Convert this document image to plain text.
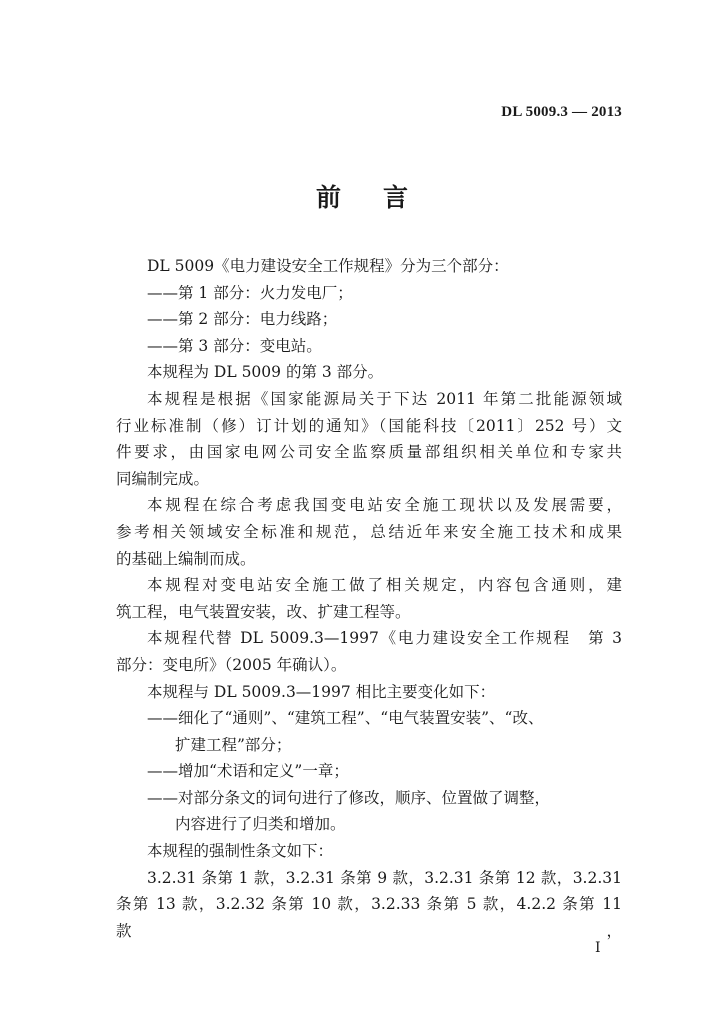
DL 5009.3 — 2013
前言
DL 5009《电力建设安全工作规程》分为三个部分：
——第 1 部分：火力发电厂；
——第 2 部分：电力线路；
——第 3 部分：变电站。
本规程为 DL 5009 的第 3 部分。
本规程是根据《国家能源局关于下达 2011 年第二批能源领域
行业标准制（修）订计划的通知》（国能科技〔2011〕252 号）文
件要求，由国家电网公司安全监察质量部组织相关单位和专家共
同编制完成。
本规程在综合考虑我国变电站安全施工现状以及发展需要，
参考相关领域安全标准和规范，总结近年来安全施工技术和成果
的基础上编制而成。
本规程对变电站安全施工做了相关规定，内容包含通则，建
筑工程，电气装置安装，改、扩建工程等。
本规程代替 DL 5009.3—1997《电力建设安全工作规程　第 3
部分：变电所》（2005 年确认）。
本规程与 DL 5009.3—1997 相比主要变化如下：
——细化了“通则”、“建筑工程”、“电气装置安装”、“改、
扩建工程”部分；
——增加“术语和定义”一章；
——对部分条文的词句进行了修改，顺序、位置做了调整，
内容进行了归类和增加。
本规程的强制性条文如下：
3.2.31 条第 1 款，3.2.31 条第 9 款，3.2.31 条第 12 款，3.2.31
条第 13 款，3.2.32 条第 10 款，3.2.33 条第 5 款，4.2.2 条第 11 款，
I
